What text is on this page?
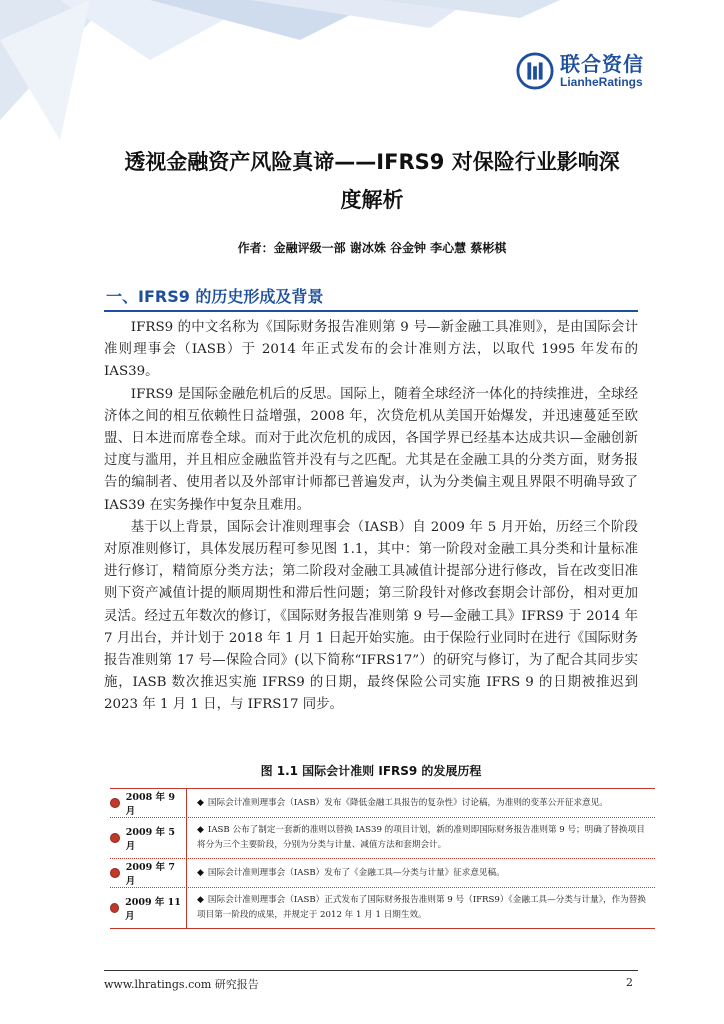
联合资信
LianheRatings
透视金融资产风险真谛——IFRS9 对保险行业影响深
度解析
作者：金融评级一部 谢冰姝 谷金钟 李心慧 蔡彬棋
一、IFRS9 的历史形成及背景

IFRS9 的中文名称为《国际财务报告准则第 9 号—新金融工具准则》，是由国际会计准则理事会（IASB）于 2014 年正式发布的会计准则方法，以取代 1995 年发布的 IAS39。

IFRS9 是国际金融危机后的反思。国际上，随着全球经济一体化的持续推进，全球经济体之间的相互依赖性日益增强，2008 年，次贷危机从美国开始爆发，并迅速蔓延至欧盟、日本进而席卷全球。而对于此次危机的成因，各国学界已经基本达成共识—金融创新过度与滥用，并且相应金融监管并没有与之匹配。尤其是在金融工具的分类方面，财务报告的编制者、使用者以及外部审计师都已普遍发声，认为分类偏主观且界限不明确导致了 IAS39 在实务操作中复杂且难用。

基于以上背景，国际会计准则理事会（IASB）自 2009 年 5 月开始，历经三个阶段对原准则修订，具体发展历程可参见图 1.1，其中：第一阶段对金融工具分类和计量标准进行修订，精简原分类方法；第二阶段对金融工具减值计提部分进行修改，旨在改变旧准则下资产减值计提的顺周期性和滞后性问题；第三阶段针对修改套期会计部份，相对更加灵活。经过五年数次的修订，《国际财务报告准则第 9 号—金融工具》IFRS9 于 2014 年 7 月出台，并计划于 2018 年 1 月 1 日起开始实施。由于保险行业同时在进行《国际财务报告准则第 17 号—保险合同》(以下简称“IFRS17”）的研究与修订，为了配合其同步实施，IASB 数次推迟实施 IFRS9 的日期，最终保险公司实施 IFRS 9 的日期被推迟到 2023 年 1 月 1 日，与 IFRS17 同步。

图 1.1 国际会计准则 IFRS9 的发展历程
2008 年 9 月
◆ 国际会计准则理事会（IASB）发布《降低金融工具报告的复杂性》讨论稿，为准则的变革公开征求意见。
2009 年 5 月
◆ IASB 公布了制定一套新的准则以替换 IAS39 的项目计划，新的准则即国际财务报告准则第 9 号；明确了替换项目将分为三个主要阶段，分别为分类与计量、减值方法和套期会计。
2009 年 7 月
◆ 国际会计准则理事会（IASB）发布了《金融工具—分类与计量》征求意见稿。
2009 年 11 月
◆ 国际会计准则理事会（IASB）正式发布了国际财务报告准则第 9 号（IFRS9）《金融工具—分类与计量》，作为替换项目第一阶段的成果，并规定于 2012 年 1 月 1 日期生效。
www.lhratings.com 研究报告	2
